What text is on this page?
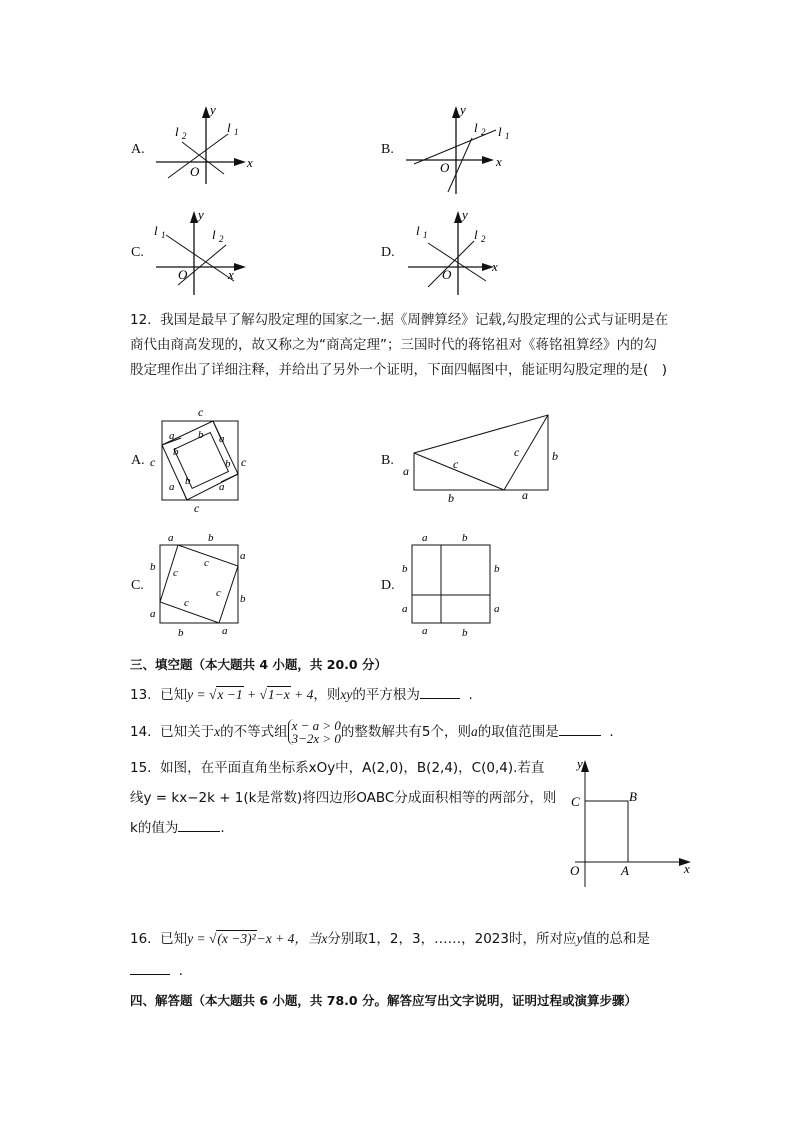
A.
y
x
O
l 1
l 2
B.
y
x
O
l 1
l 2
C.
y
x
O
l 1	l 2
D.
y
x
O
l 1	l 2
12. 我国是最早了解勾股定理的国家之一.据《周髀算经》记载,勾股定理的公式与证明是在
商代由商高发现的，故又称之为“商高定理”；三国时代的蒋铭祖对《蒋铭祖算经》内的勾
股定理作出了详细注释，并给出了另外一个证明，下面四幅图中，能证明勾股定理的是(　)
A.
c
c	c
c
a b a
b
b
b
a	a
B.
a	c
c	b
b	a
C.
a	b
a
b
b
a
b	a
c
c
c
c
D.
a	b
b	b
a	a
a	b
三、填空题（本大题共 4 小题，共 20.0 分）
13. 已知y = √x −1 + √1−x + 4，则xy的平方根为	.
14. 已知关于x的不等式组 x − a > 0
3−2x > 0 的整数解共有5个，则a的取值范围是	.
15. 如图，在平面直角坐标系xOy中，A(2,0)，B(2,4)，C(0,4).若直
线y = kx−2k + 1(k是常数)将四边形OABC分成面积相等的两部分，则
k的值为	.
y
x
O	A
B
C
16. 已知y = √(x −3)²−x + 4，当x分别取1，2，3，……，2023时，所对应y值的总和是
.
四、解答题（本大题共 6 小题，共 78.0 分。解答应写出文字说明，证明过程或演算步骤）
